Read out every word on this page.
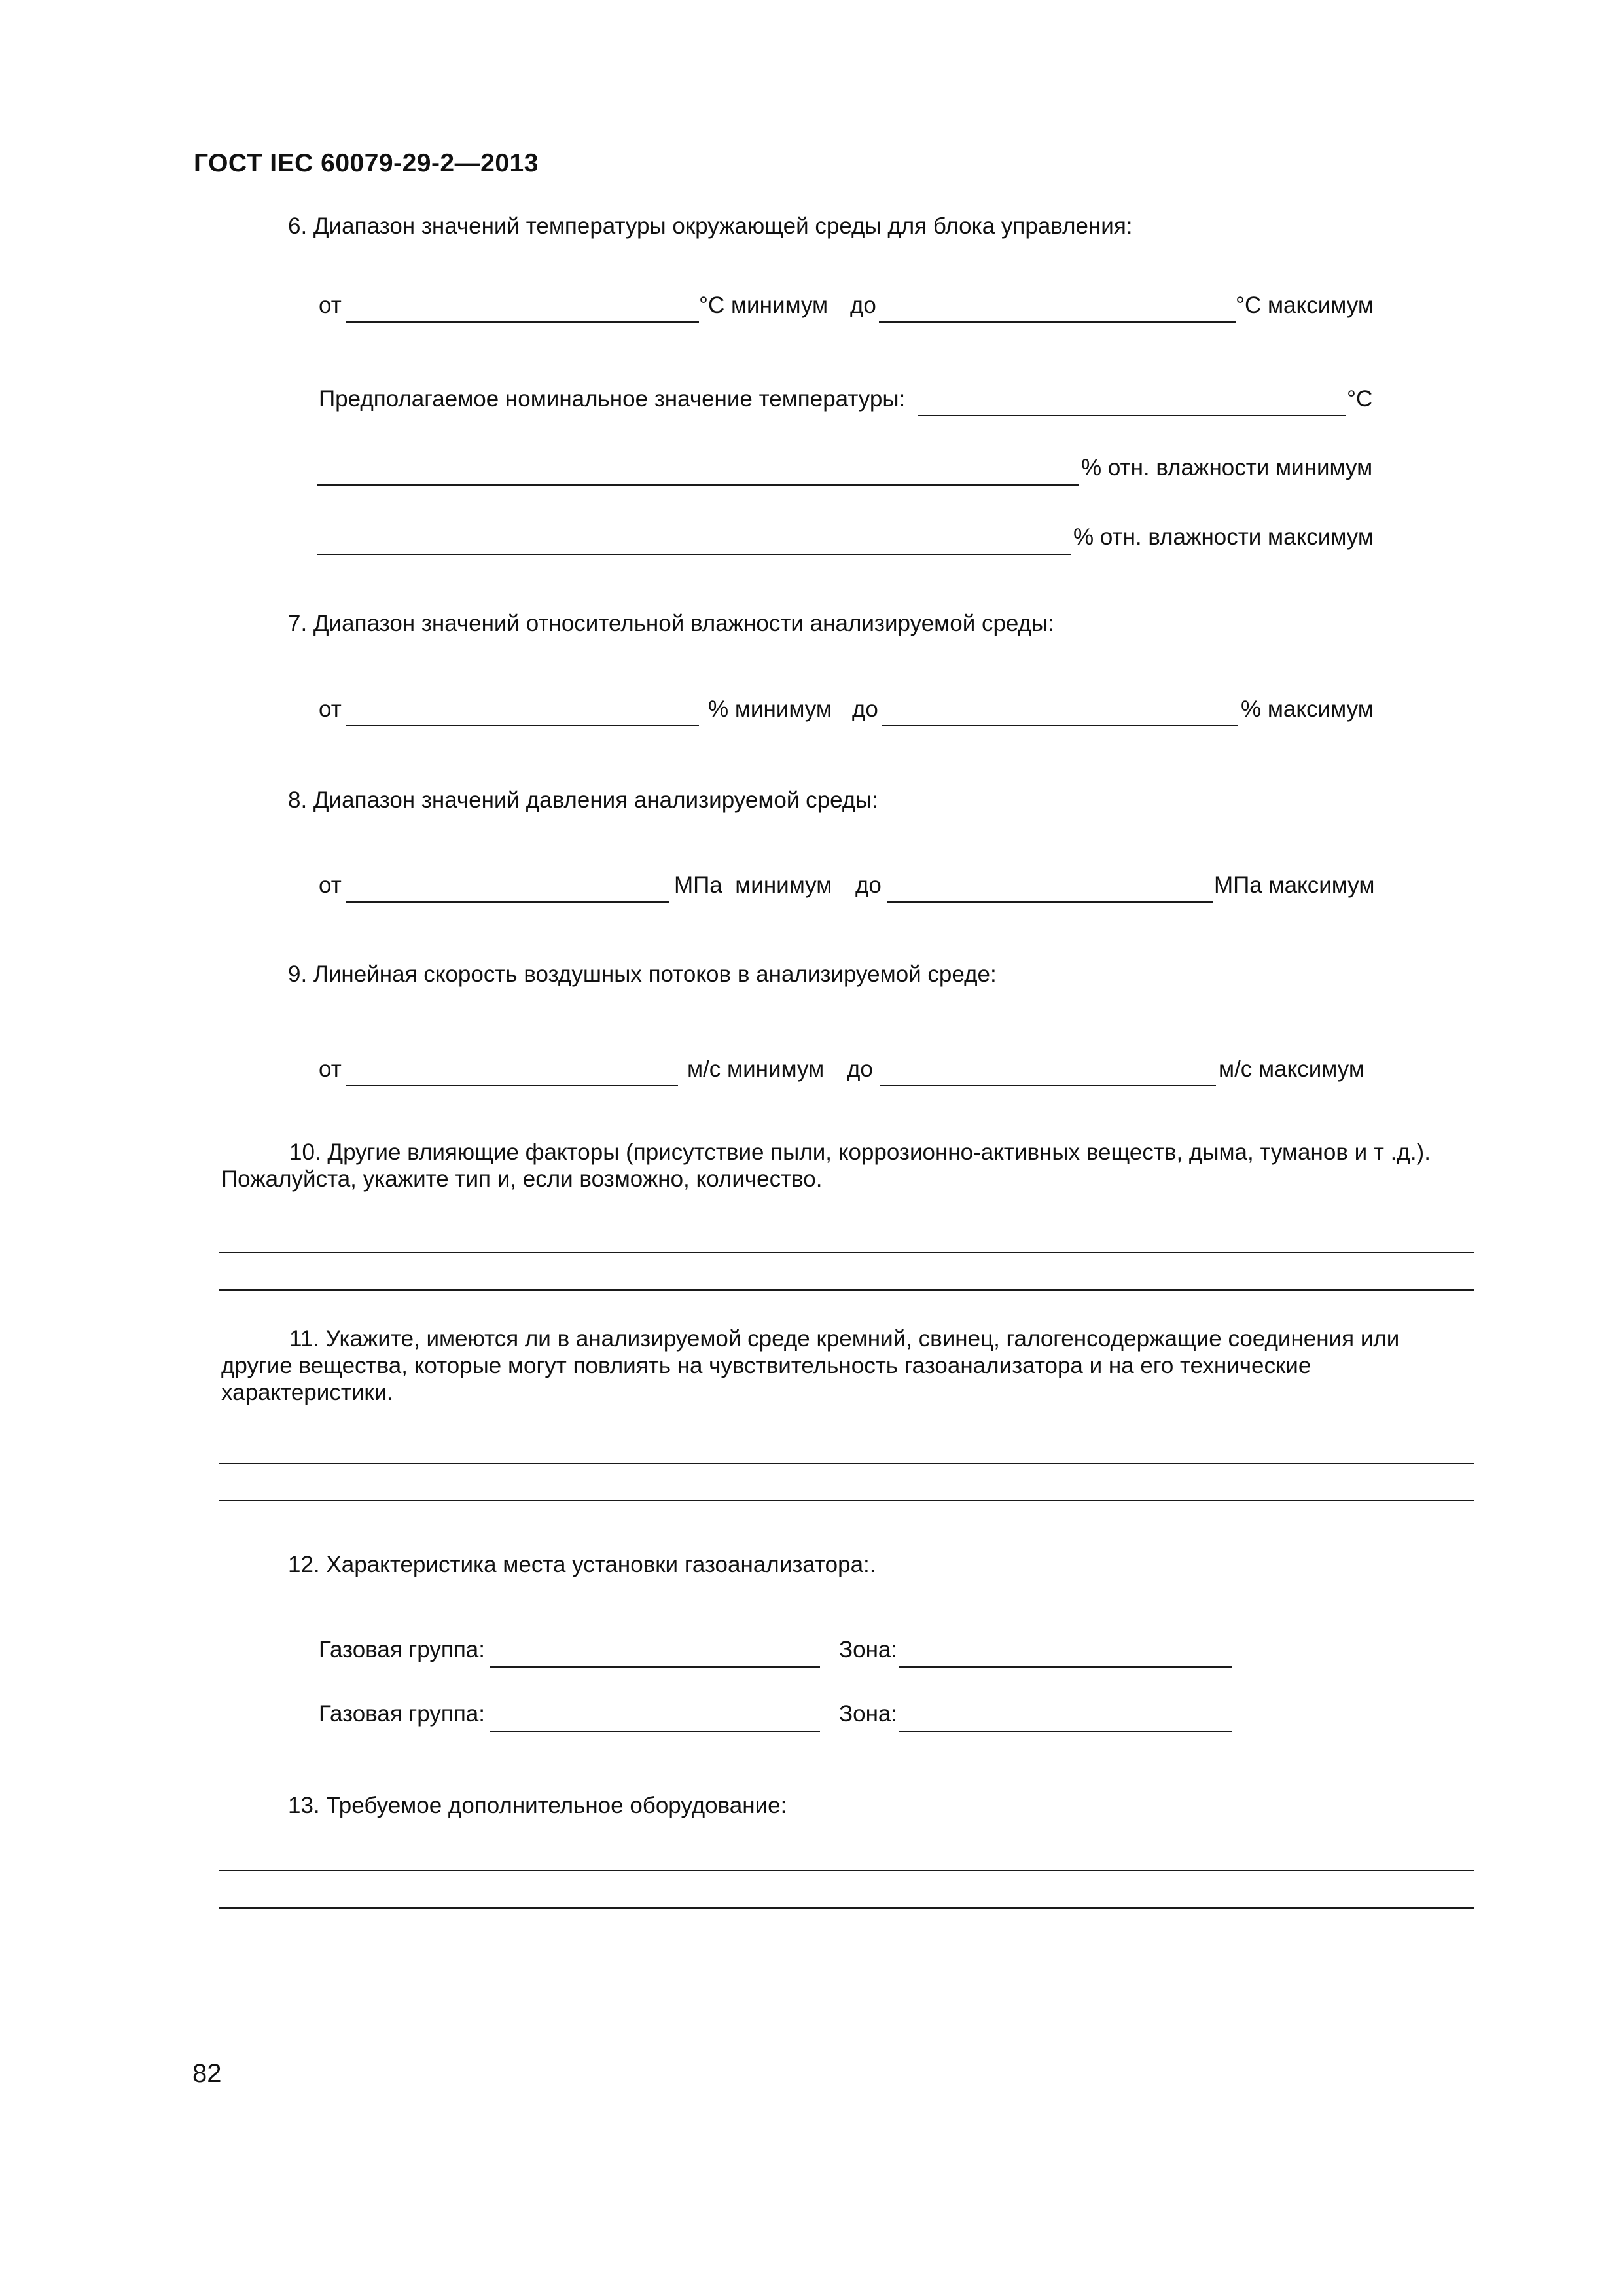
ГОСТ IEC 60079-29-2—2013
6. Диапазон значений температуры окружающей среды для блока управления:
от	°С минимум до	°С максимум
Предполагаемое номинальное значение температуры:	°С
% отн. влажности минимум
% отн. влажности максимум
7. Диапазон значений относительной влажности анализируемой среды:
от	% минимум до	% максимум
8. Диапазон значений давления анализируемой среды:
от	МПа  минимум до	МПа максимум
9. Линейная скорость воздушных потоков в анализируемой среде:
от	м/с минимум до	м/с максимум
10. Другие влияющие факторы (присутствие пыли, коррозионно-активных веществ, дыма, туманов и т .д.).
Пожалуйста, укажите тип и, если возможно, количество.
11. Укажите, имеются ли в анализируемой среде кремний, свинец, галогенсодержащие соединения или
другие вещества, которые могут повлиять на чувствительность газоанализатора и на его технические
характеристики.
12. Характеристика места установки газоанализатора:.
Газовая группа:	Зона:
Газовая группа:	Зона:
13. Требуемое дополнительное оборудование:
82
